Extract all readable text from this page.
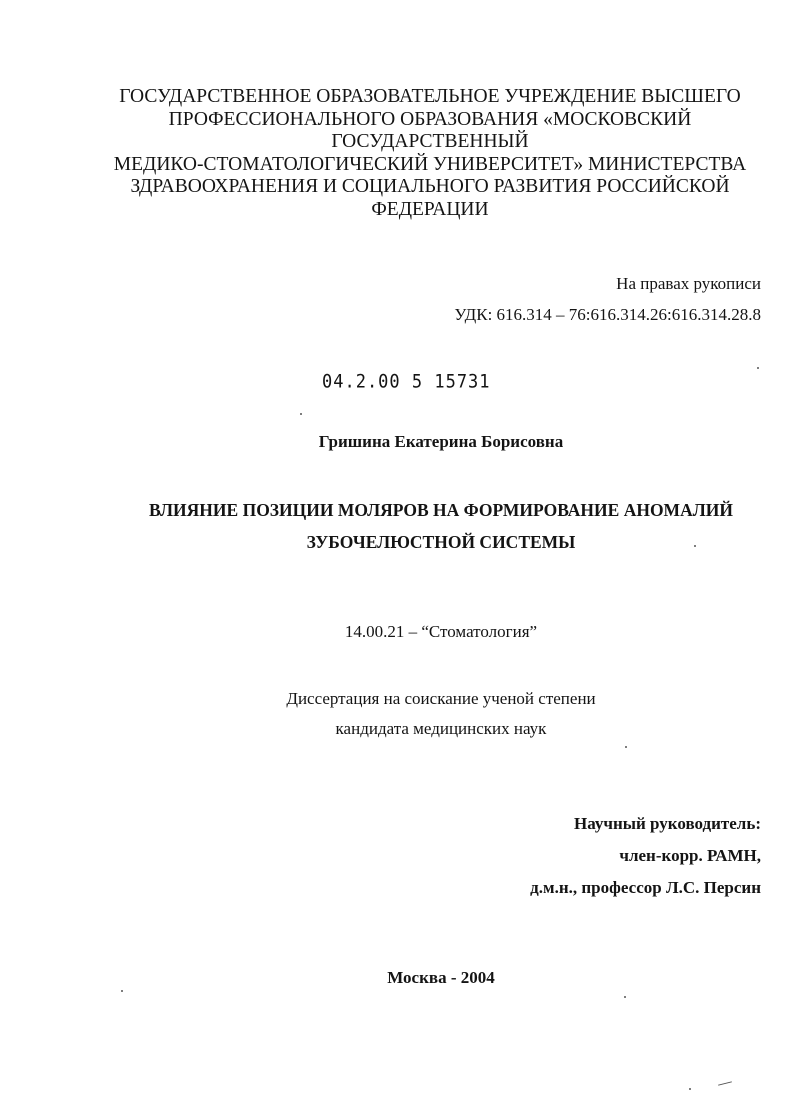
ГОСУДАРСТВЕННОЕ ОБРАЗОВАТЕЛЬНОЕ УЧРЕЖДЕНИЕ ВЫСШЕГО
ПРОФЕССИОНАЛЬНОГО ОБРАЗОВАНИЯ «МОСКОВСКИЙ
ГОСУДАРСТВЕННЫЙ
МЕДИКО-СТОМАТОЛОГИЧЕСКИЙ УНИВЕРСИТЕТ» МИНИСТЕРСТВА
ЗДРАВООХРАНЕНИЯ И СОЦИАЛЬНОГО РАЗВИТИЯ РОССИЙСКОЙ
ФЕДЕРАЦИИ
На правах рукописи
УДК: 616.314 – 76:616.314.26:616.314.28.8
04.2.00 5 15731
Гришина Екатерина Борисовна
ВЛИЯНИЕ ПОЗИЦИИ МОЛЯРОВ НА ФОРМИРОВАНИЕ АНОМАЛИЙ
ЗУБОЧЕЛЮСТНОЙ СИСТЕМЫ
14.00.21 – “Стоматология”
Диссертация на соискание ученой степени
кандидата медицинских наук
Научный руководитель:
член-корр. РАМН,
д.м.н., профессор Л.С. Персин
Москва - 2004
